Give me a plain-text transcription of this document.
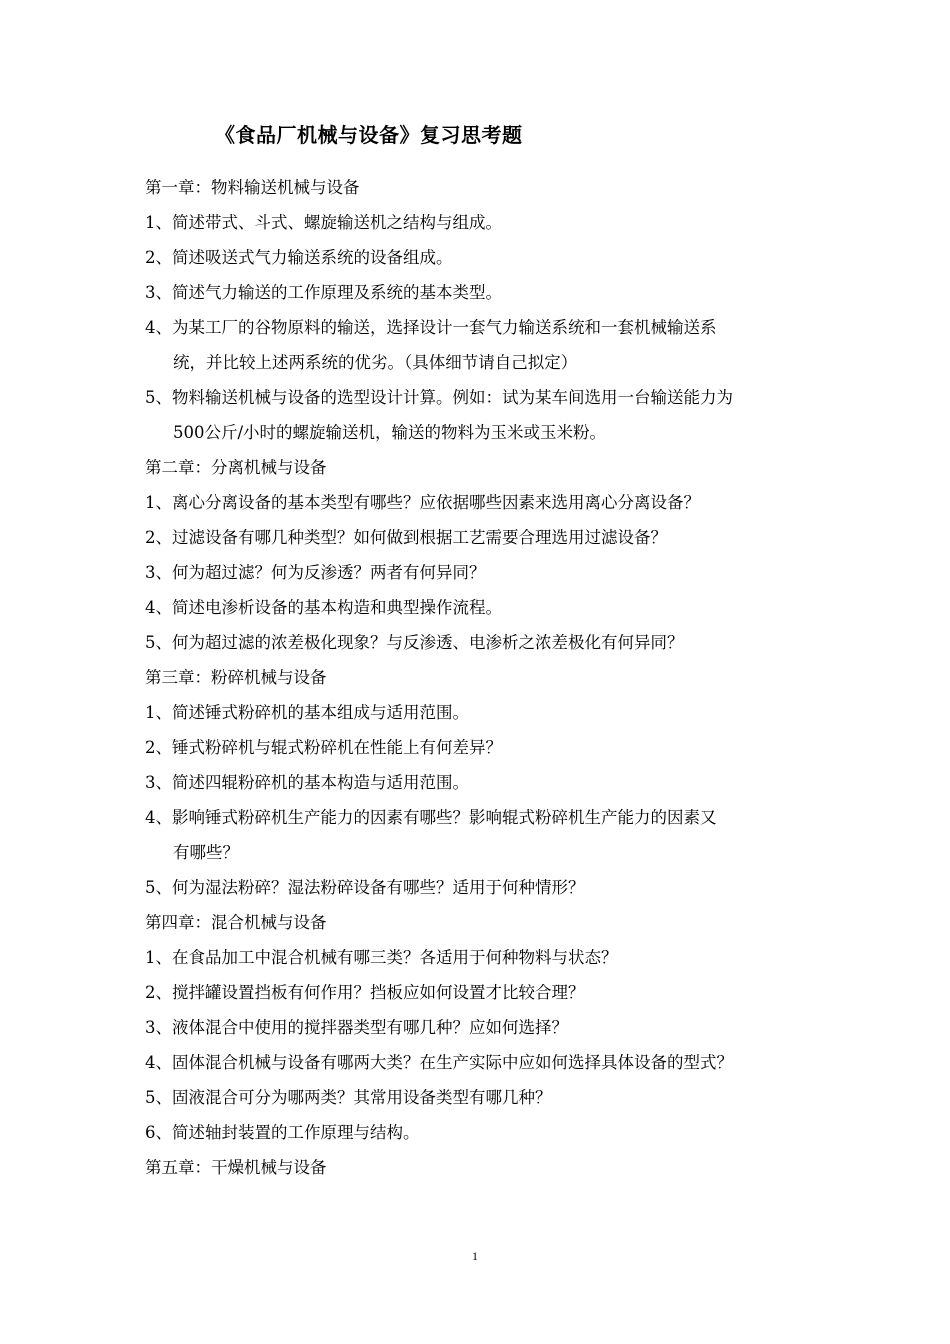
《食品厂机械与设备》复习思考题
第一章：物料输送机械与设备
1、简述带式、斗式、螺旋输送机之结构与组成。
2、简述吸送式气力输送系统的设备组成。
3、简述气力输送的工作原理及系统的基本类型。
4、为某工厂的谷物原料的输送，选择设计一套气力输送系统和一套机械输送系
统，并比较上述两系统的优劣。（具体细节请自己拟定）
5、物料输送机械与设备的选型设计计算。例如：试为某车间选用一台输送能力为
500公斤/小时的螺旋输送机，输送的物料为玉米或玉米粉。
第二章：分离机械与设备
1、离心分离设备的基本类型有哪些？应依据哪些因素来选用离心分离设备？
2、过滤设备有哪几种类型？如何做到根据工艺需要合理选用过滤设备？
3、何为超过滤？何为反渗透？两者有何异同？
4、简述电渗析设备的基本构造和典型操作流程。
5、何为超过滤的浓差极化现象？与反渗透、电渗析之浓差极化有何异同？
第三章：粉碎机械与设备
1、简述锤式粉碎机的基本组成与适用范围。
2、锤式粉碎机与辊式粉碎机在性能上有何差异？
3、简述四辊粉碎机的基本构造与适用范围。
4、影响锤式粉碎机生产能力的因素有哪些？影响辊式粉碎机生产能力的因素又
有哪些？
5、何为湿法粉碎？湿法粉碎设备有哪些？适用于何种情形？
第四章：混合机械与设备
1、在食品加工中混合机械有哪三类？各适用于何种物料与状态？
2、搅拌罐设置挡板有何作用？挡板应如何设置才比较合理？
3、液体混合中使用的搅拌器类型有哪几种？应如何选择？
4、固体混合机械与设备有哪两大类？在生产实际中应如何选择具体设备的型式？
5、固液混合可分为哪两类？其常用设备类型有哪几种？
6、简述轴封装置的工作原理与结构。
第五章：干燥机械与设备
1
